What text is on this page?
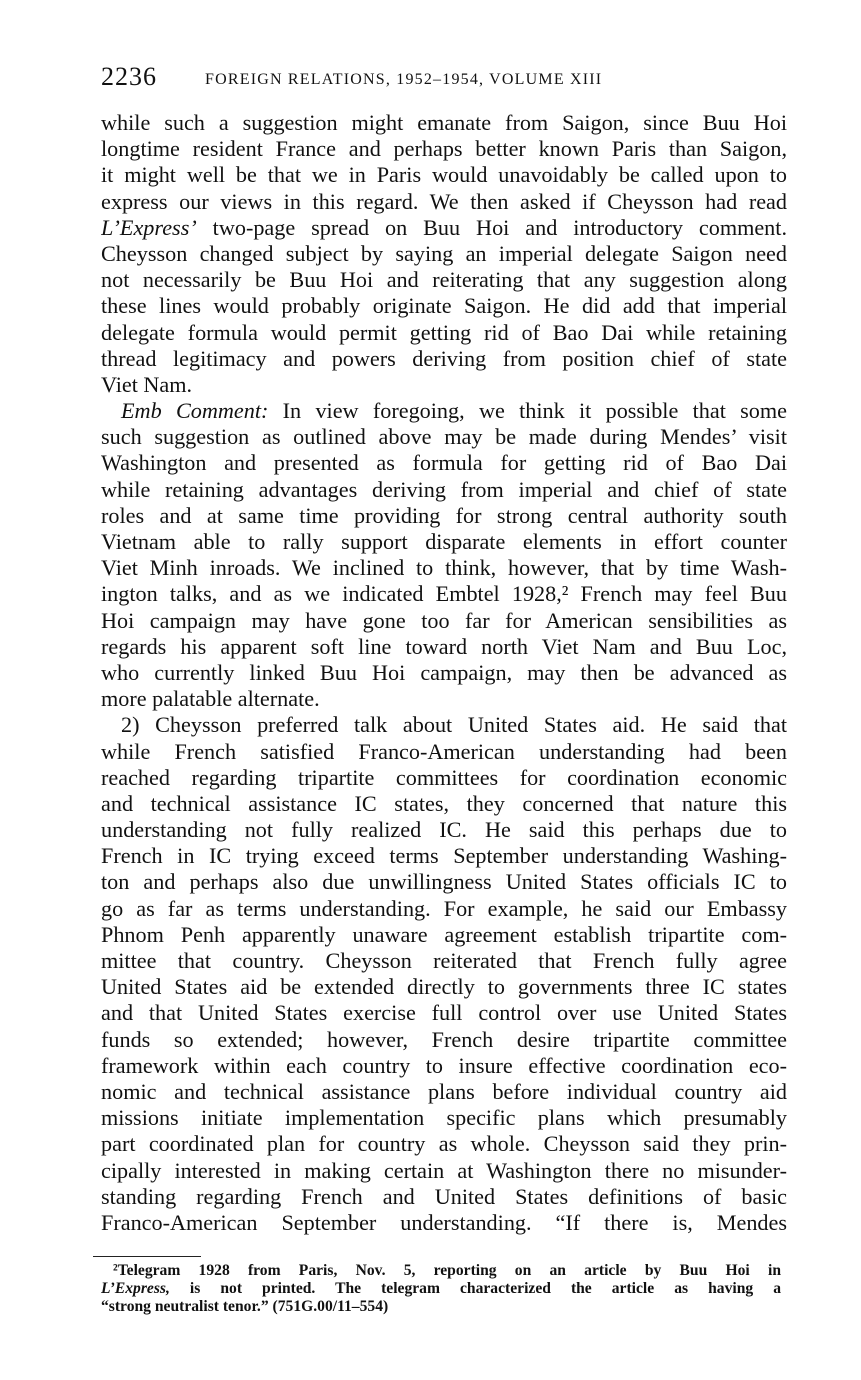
2236	FOREIGN RELATIONS, 1952–1954, VOLUME XIII
while such a suggestion might emanate from Saigon, since Buu Hoi
longtime resident France and perhaps better known Paris than Saigon,
it might well be that we in Paris would unavoidably be called upon to
express our views in this regard. We then asked if Cheysson had read
L’Express’ two-page spread on Buu Hoi and introductory comment.
Cheysson changed subject by saying an imperial delegate Saigon need
not necessarily be Buu Hoi and reiterating that any suggestion along
these lines would probably originate Saigon. He did add that imperial
delegate formula would permit getting rid of Bao Dai while retaining
thread legitimacy and powers deriving from position chief of state
Viet Nam.
Emb Comment: In view foregoing, we think it possible that some
such suggestion as outlined above may be made during Mendes’ visit
Washington and presented as formula for getting rid of Bao Dai
while retaining advantages deriving from imperial and chief of state
roles and at same time providing for strong central authority south
Vietnam able to rally support disparate elements in effort counter
Viet Minh inroads. We inclined to think, however, that by time Wash-
ington talks, and as we indicated Embtel 1928,² French may feel Buu
Hoi campaign may have gone too far for American sensibilities as
regards his apparent soft line toward north Viet Nam and Buu Loc,
who currently linked Buu Hoi campaign, may then be advanced as
more palatable alternate.
2) Cheysson preferred talk about United States aid. He said that
while French satisfied Franco-American understanding had been
reached regarding tripartite committees for coordination economic
and technical assistance IC states, they concerned that nature this
understanding not fully realized IC. He said this perhaps due to
French in IC trying exceed terms September understanding Washing-
ton and perhaps also due unwillingness United States officials IC to
go as far as terms understanding. For example, he said our Embassy
Phnom Penh apparently unaware agreement establish tripartite com-
mittee that country. Cheysson reiterated that French fully agree
United States aid be extended directly to governments three IC states
and that United States exercise full control over use United States
funds so extended; however, French desire tripartite committee
framework within each country to insure effective coordination eco-
nomic and technical assistance plans before individual country aid
missions initiate implementation specific plans which presumably
part coordinated plan for country as whole. Cheysson said they prin-
cipally interested in making certain at Washington there no misunder-
standing regarding French and United States definitions of basic
Franco-American September understanding. “If there is, Mendes
²Telegram 1928 from Paris, Nov. 5, reporting on an article by Buu Hoi in
L’Express, is not printed. The telegram characterized the article as having a
“strong neutralist tenor.” (751G.00/11–554)
